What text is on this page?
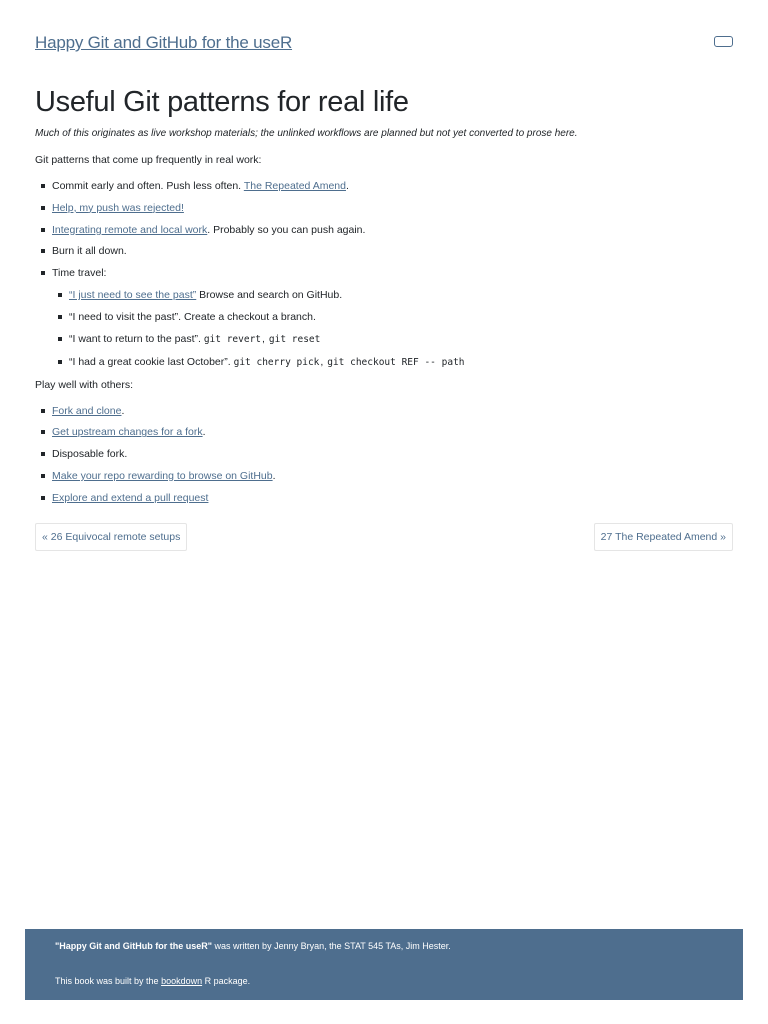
Happy Git and GitHub for the useR
Useful Git patterns for real life

Much of this originates as live workshop materials; the unlinked workflows are planned but not yet converted to prose here.

Git patterns that come up frequently in real work:

Commit early and often. Push less often. The Repeated Amend.
Help, my push was rejected!
Integrating remote and local work. Probably so you can push again.
Burn it all down.
Time travel:
“I just need to see the past” Browse and search on GitHub.
“I need to visit the past”. Create a checkout a branch.
“I want to return to the past”. git revert, git reset
“I had a great cookie last October”. git cherry pick, git checkout REF -- path

Play well with others:

Fork and clone.
Get upstream changes for a fork.
Disposable fork.
Make your repo rewarding to browse on GitHub.
Explore and extend a pull request
« 26 Equivocal remote setups	27 The Repeated Amend »
"Happy Git and GitHub for the useR" was written by Jenny Bryan, the STAT 545 TAs, Jim Hester.
This book was built by the bookdown R package.
